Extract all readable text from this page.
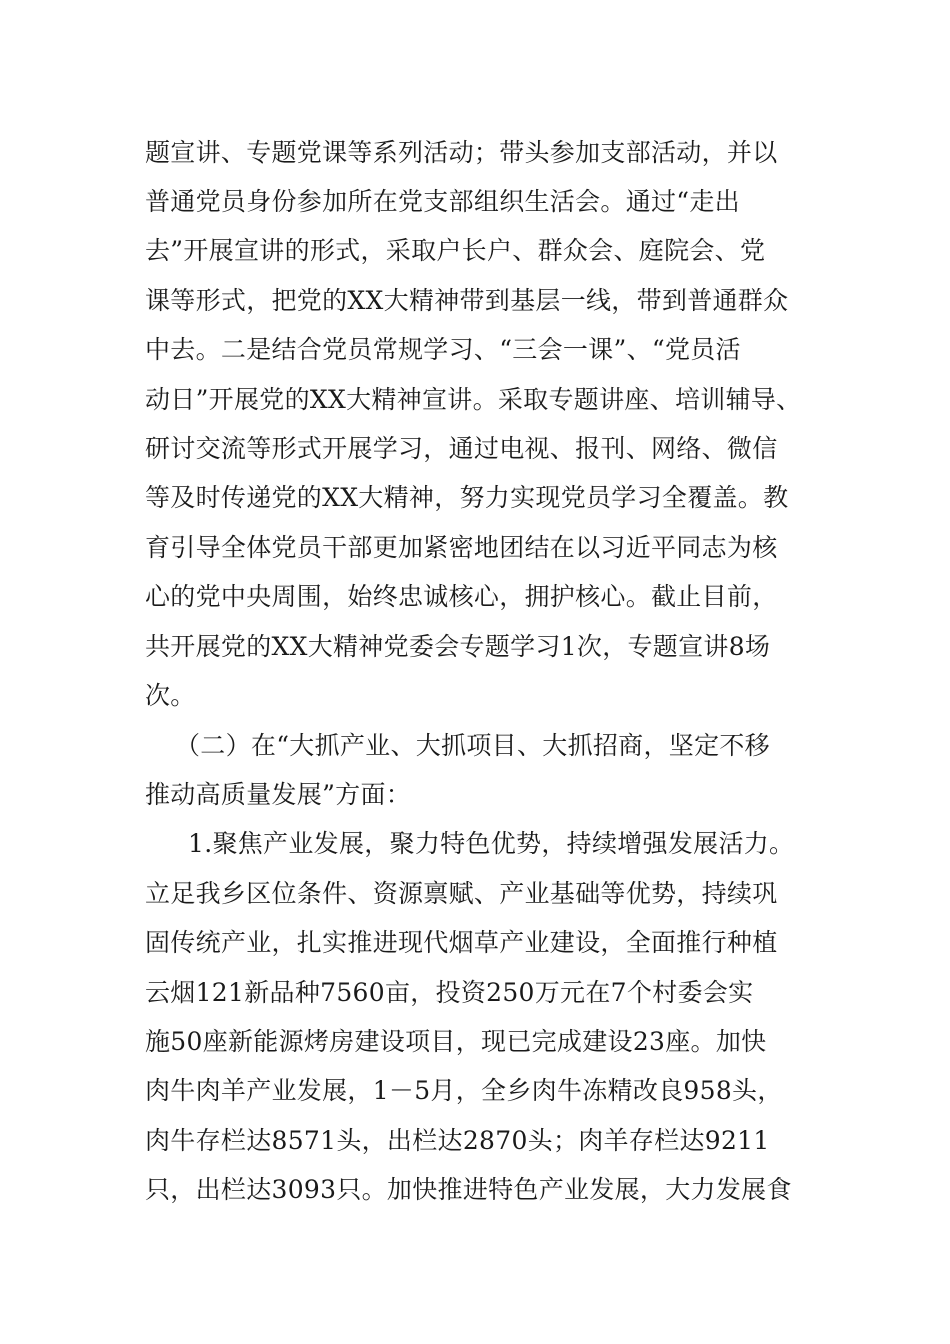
题宣讲、专题党课等系列活动；带头参加支部活动，并以
普通党员身份参加所在党支部组织生活会。通过“走出
去”开展宣讲的形式，采取户长户、群众会、庭院会、党
课等形式，把党的XX大精神带到基层一线，带到普通群众
中去。二是结合党员常规学习、“三会一课”、“党员活
动日”开展党的XX大精神宣讲。采取专题讲座、培训辅导、
研讨交流等形式开展学习，通过电视、报刊、网络、微信
等及时传递党的XX大精神，努力实现党员学习全覆盖。教
育引导全体党员干部更加紧密地团结在以习近平同志为核
心的党中央周围，始终忠诚核心，拥护核心。截止目前，
共开展党的XX大精神党委会专题学习1次，专题宣讲8场
次。
（二）在“大抓产业、大抓项目、大抓招商，坚定不移
推动高质量发展”方面：
1.聚焦产业发展，聚力特色优势，持续增强发展活力。
立足我乡区位条件、资源禀赋、产业基础等优势，持续巩
固传统产业，扎实推进现代烟草产业建设，全面推行种植
云烟121新品种7560亩，投资250万元在7个村委会实
施50座新能源烤房建设项目，现已完成建设23座。加快
肉牛肉羊产业发展，1－5月，全乡肉牛冻精改良958头，
肉牛存栏达8571头，出栏达2870头；肉羊存栏达9211
只，出栏达3093只。加快推进特色产业发展，大力发展食
